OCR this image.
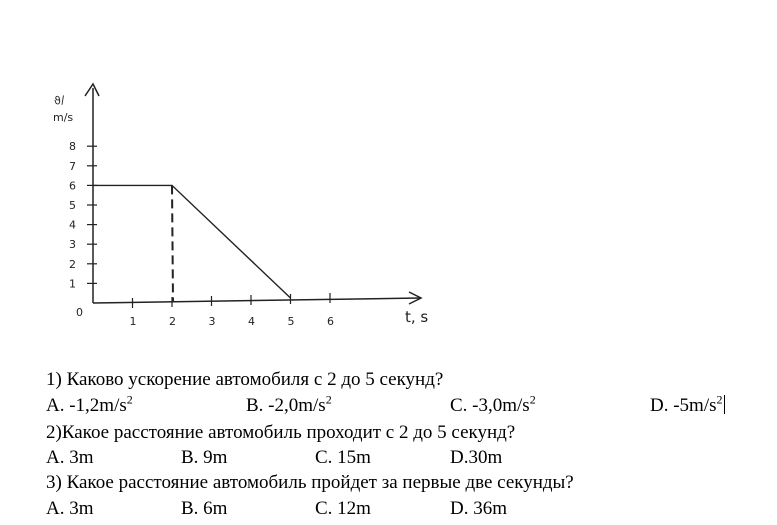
1
2
3
4
5
6
7
8
1	2	3	4	5	6
ϑ/
m/s
t, s
0
1) Каково ускорение автомобиля с 2 до 5 секунд?
A. $-1,2m/s^2$	B. $-2,0m/s^2$	C. $-3,0m/s^2$	D. $-5m/s^2$
2)Какое расстояние автомобиль проходит с 2 до 5 секунд?
A. 3m	B. 9m	C. 15m	D.30m
3) Какое расстояние автомобиль пройдет за первые две секунды?
A. 3m	B. 6m	C. 12m	D. 36m
